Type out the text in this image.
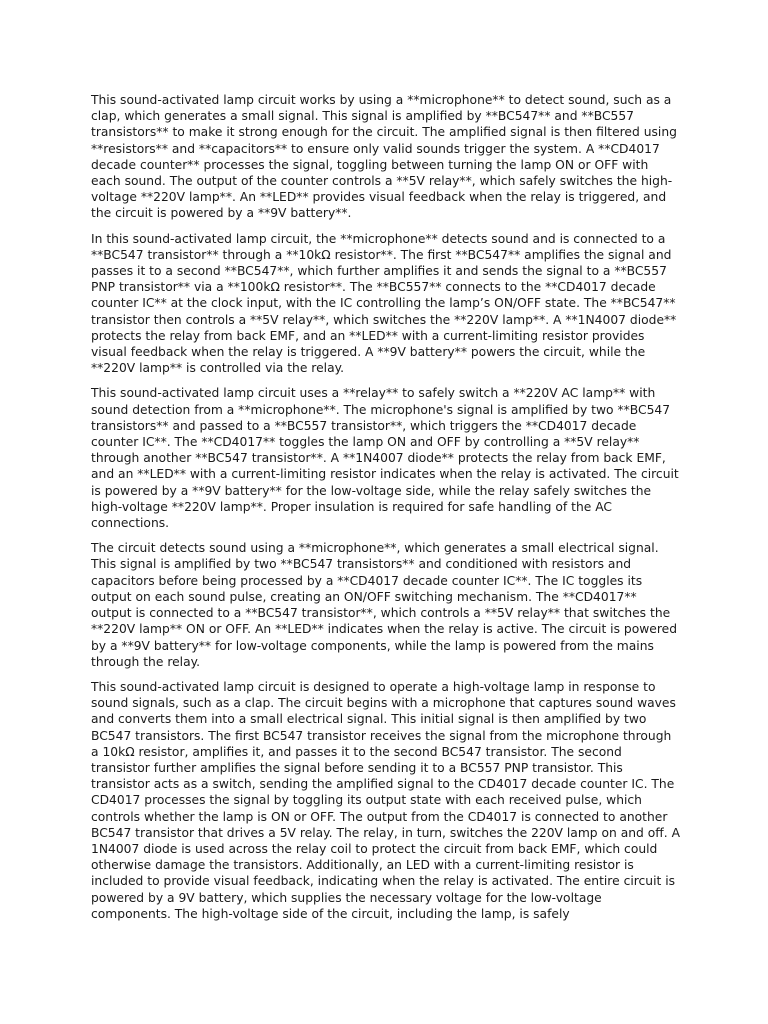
This sound-activated lamp circuit works by using a **microphone** to detect sound, such as a clap, which generates a small signal. This signal is amplified by **BC547** and **BC557 transistors** to make it strong enough for the circuit. The amplified signal is then filtered using **resistors** and **capacitors** to ensure only valid sounds trigger the system. A **CD4017 decade counter** processes the signal, toggling between turning the lamp ON or OFF with each sound. The output of the counter controls a **5V relay**, which safely switches the high-voltage **220V lamp**. An **LED** provides visual feedback when the relay is triggered, and the circuit is powered by a **9V battery**.

In this sound-activated lamp circuit, the **microphone** detects sound and is connected to a **BC547 transistor** through a **10kΩ resistor**. The first **BC547** amplifies the signal and passes it to a second **BC547**, which further amplifies it and sends the signal to a **BC557 PNP transistor** via a **100kΩ resistor**. The **BC557** connects to the **CD4017 decade counter IC** at the clock input, with the IC controlling the lamp’s ON/OFF state. The **BC547** transistor then controls a **5V relay**, which switches the **220V lamp**. A **1N4007 diode** protects the relay from back EMF, and an **LED** with a current-limiting resistor provides visual feedback when the relay is triggered. A **9V battery** powers the circuit, while the **220V lamp** is controlled via the relay.

This sound-activated lamp circuit uses a **relay** to safely switch a **220V AC lamp** with sound detection from a **microphone**. The microphone's signal is amplified by two **BC547 transistors** and passed to a **BC557 transistor**, which triggers the **CD4017 decade counter IC**. The **CD4017** toggles the lamp ON and OFF by controlling a **5V relay** through another **BC547 transistor**. A **1N4007 diode** protects the relay from back EMF, and an **LED** with a current-limiting resistor indicates when the relay is activated. The circuit is powered by a **9V battery** for the low-voltage side, while the relay safely switches the high-voltage **220V lamp**. Proper insulation is required for safe handling of the AC connections.

The circuit detects sound using a **microphone**, which generates a small electrical signal. This signal is amplified by two **BC547 transistors** and conditioned with resistors and capacitors before being processed by a **CD4017 decade counter IC**. The IC toggles its output on each sound pulse, creating an ON/OFF switching mechanism. The **CD4017** output is connected to a **BC547 transistor**, which controls a **5V relay** that switches the **220V lamp** ON or OFF. An **LED** indicates when the relay is active. The circuit is powered by a **9V battery** for low-voltage components, while the lamp is powered from the mains through the relay.

This sound-activated lamp circuit is designed to operate a high-voltage lamp in response to sound signals, such as a clap. The circuit begins with a microphone that captures sound waves and converts them into a small electrical signal. This initial signal is then amplified by two BC547 transistors. The first BC547 transistor receives the signal from the microphone through a 10kΩ resistor, amplifies it, and passes it to the second BC547 transistor. The second transistor further amplifies the signal before sending it to a BC557 PNP transistor. This transistor acts as a switch, sending the amplified signal to the CD4017 decade counter IC. The CD4017 processes the signal by toggling its output state with each received pulse, which controls whether the lamp is ON or OFF. The output from the CD4017 is connected to another BC547 transistor that drives a 5V relay. The relay, in turn, switches the 220V lamp on and off. A 1N4007 diode is used across the relay coil to protect the circuit from back EMF, which could otherwise damage the transistors. Additionally, an LED with a current-limiting resistor is included to provide visual feedback, indicating when the relay is activated. The entire circuit is powered by a 9V battery, which supplies the necessary voltage for the low-voltage components. The high-voltage side of the circuit, including the lamp, is safely
